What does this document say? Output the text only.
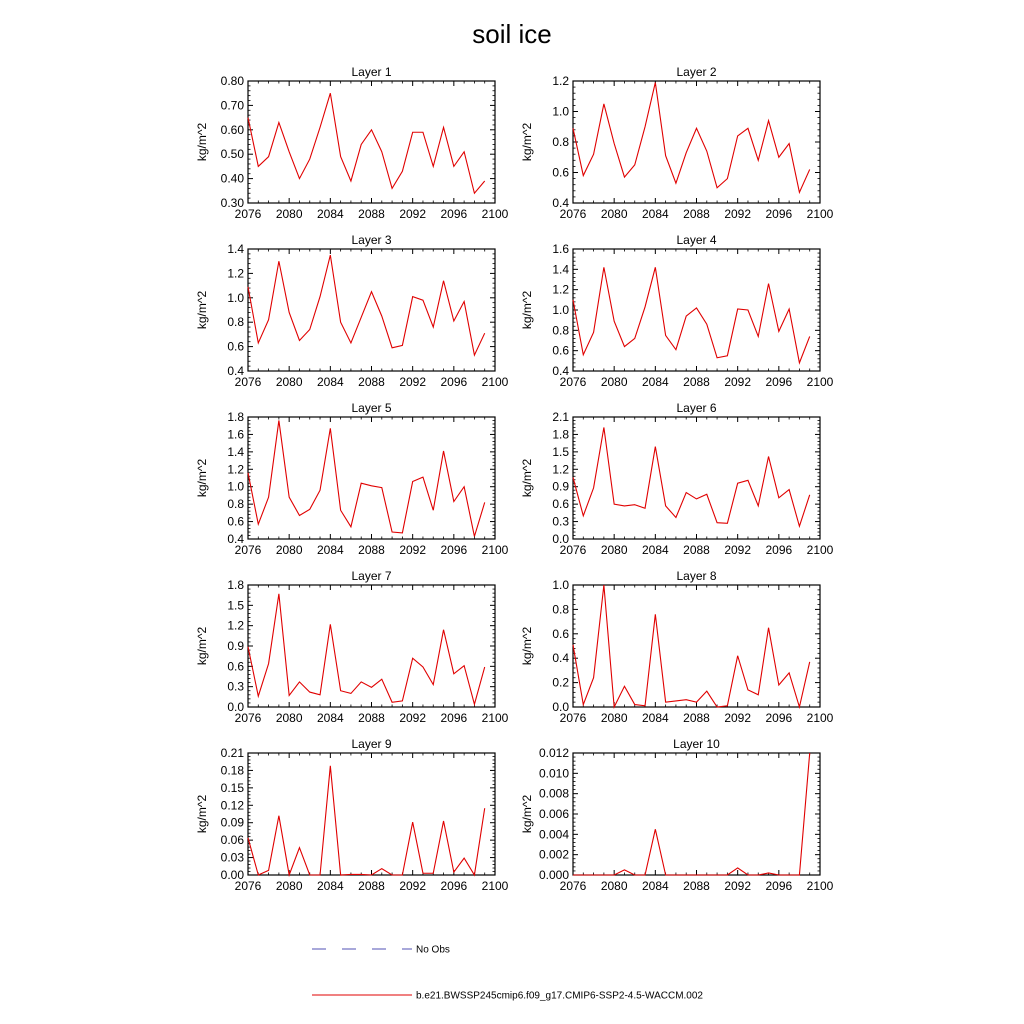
soil ice
Layer 1
kg/m^2
2076 2080 2084 2088 2092 2096 2100
0.30
0.40
0.50
0.60
0.70
0.80
Layer 2
kg/m^2
2076 2080 2084 2088 2092 2096 2100
0.4
0.6
0.8
1.0
1.2
Layer 3
kg/m^2
2076 2080 2084 2088 2092 2096 2100
0.4
0.6
0.8
1.0
1.2
1.4
Layer 4
kg/m^2
2076 2080 2084 2088 2092 2096 2100
0.4
0.6
0.8
1.0
1.2
1.4
1.6
Layer 5
kg/m^2
2076 2080 2084 2088 2092 2096 2100
0.4
0.6
0.8
1.0
1.2
1.4
1.6
1.8
Layer 6
kg/m^2
2076 2080 2084 2088 2092 2096 2100
0.0
0.3
0.6
0.9
1.2
1.5
1.8
2.1
Layer 7
kg/m^2
2076 2080 2084 2088 2092 2096 2100
0.0
0.3
0.6
0.9
1.2
1.5
1.8
Layer 8
kg/m^2
2076 2080 2084 2088 2092 2096 2100
0.0
0.2
0.4
0.6
0.8
1.0
Layer 9
kg/m^2
2076 2080 2084 2088 2092 2096 2100
0.00
0.03
0.06
0.09
0.12
0.15
0.18
0.21
Layer 10
kg/m^2
2076 2080 2084 2088 2092 2096 2100
0.000
0.002
0.004
0.006
0.008
0.010
0.012
No Obs
b.e21.BWSSP245cmip6.f09_g17.CMIP6-SSP2-4.5-WACCM.002
